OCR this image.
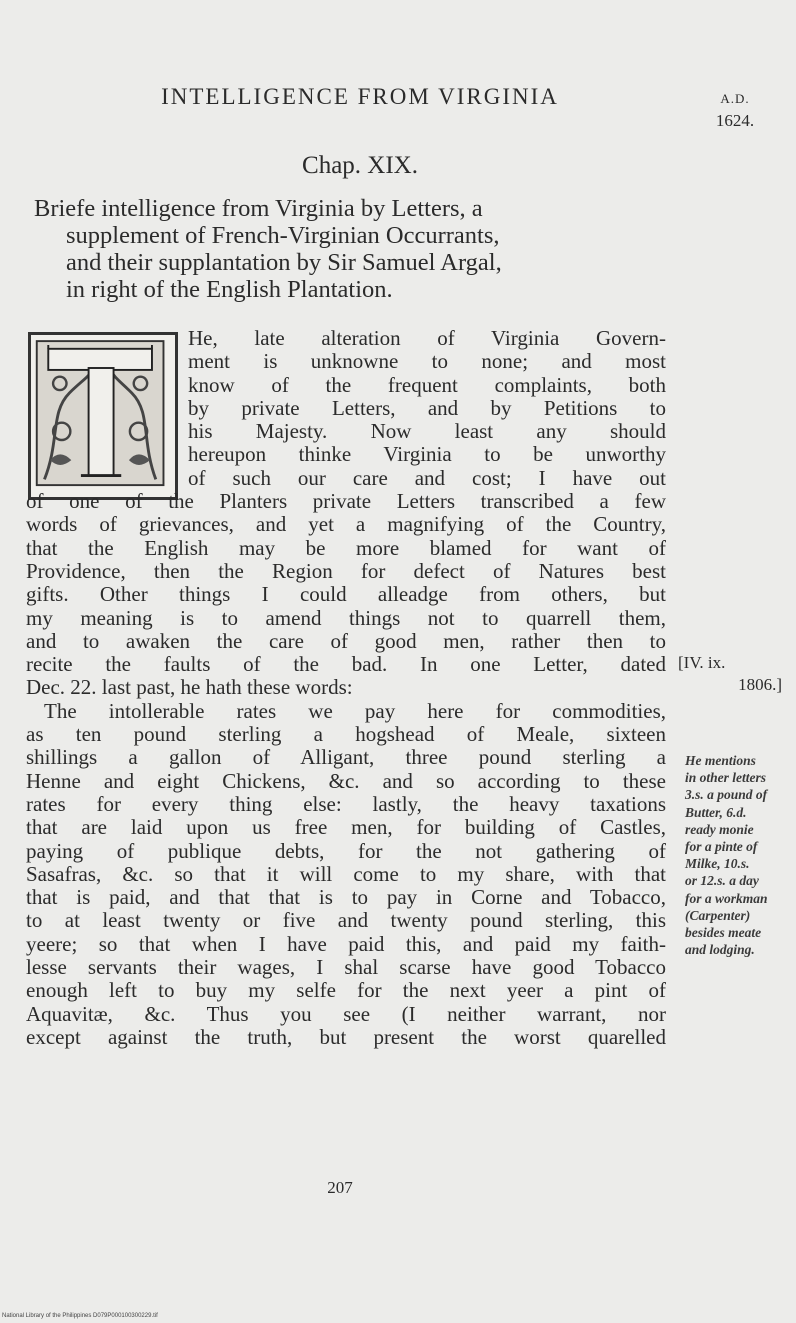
INTELLIGENCE FROM VIRGINIA	A.D.
1624.
Chap. XIX.
Briefe intelligence from Virginia by Letters, a
supplement of French-Virginian Occurrants,
and their supplantation by Sir Samuel Argal,
in right of the English Plantation.
He, late alteration of Virginia Govern-
ment is unknowne to none; and most
know of the frequent complaints, both
by private Letters, and by Petitions to
his Majesty. Now least any should
hereupon thinke Virginia to be unworthy
of such our care and cost; I have out
of one of the Planters private Letters transcribed a few
words of grievances, and yet a magnifying of the Country,
that the English may be more blamed for want of
Providence, then the Region for defect of Natures best
gifts. Other things I could alleadge from others, but
my meaning is to amend things not to quarrell them,
and to awaken the care of good men, rather then to
recite the faults of the bad. In one Letter, dated
Dec. 22. last past, he hath these words:
The intollerable rates we pay here for commodities,
as ten pound sterling a hogshead of Meale, sixteen
shillings a gallon of Alligant, three pound sterling a
Henne and eight Chickens, &c. and so according to these
rates for every thing else: lastly, the heavy taxations
that are laid upon us free men, for building of Castles,
paying of publique debts, for the not gathering of
Sasafras, &c. so that it will come to my share, with that
that is paid, and that that is to pay in Corne and Tobacco,
to at least twenty or five and twenty pound sterling, this
yeere; so that when I have paid this, and paid my faith-
lesse servants their wages, I shal scarse have good Tobacco
enough left to buy my selfe for the next yeer a pint of
Aquavitæ, &c. Thus you see (I neither warrant, nor
except against the truth, but present the worst quarelled
[IV. ix.
1806.]
He mentions
in other letters
3.s. a pound of
Butter, 6.d.
ready monie
for a pinte of
Milke, 10.s.
or 12.s. a day
for a workman
(Carpenter)
besides meate
and lodging.
207
National Library of the Philippines D079P000100300229.tif
